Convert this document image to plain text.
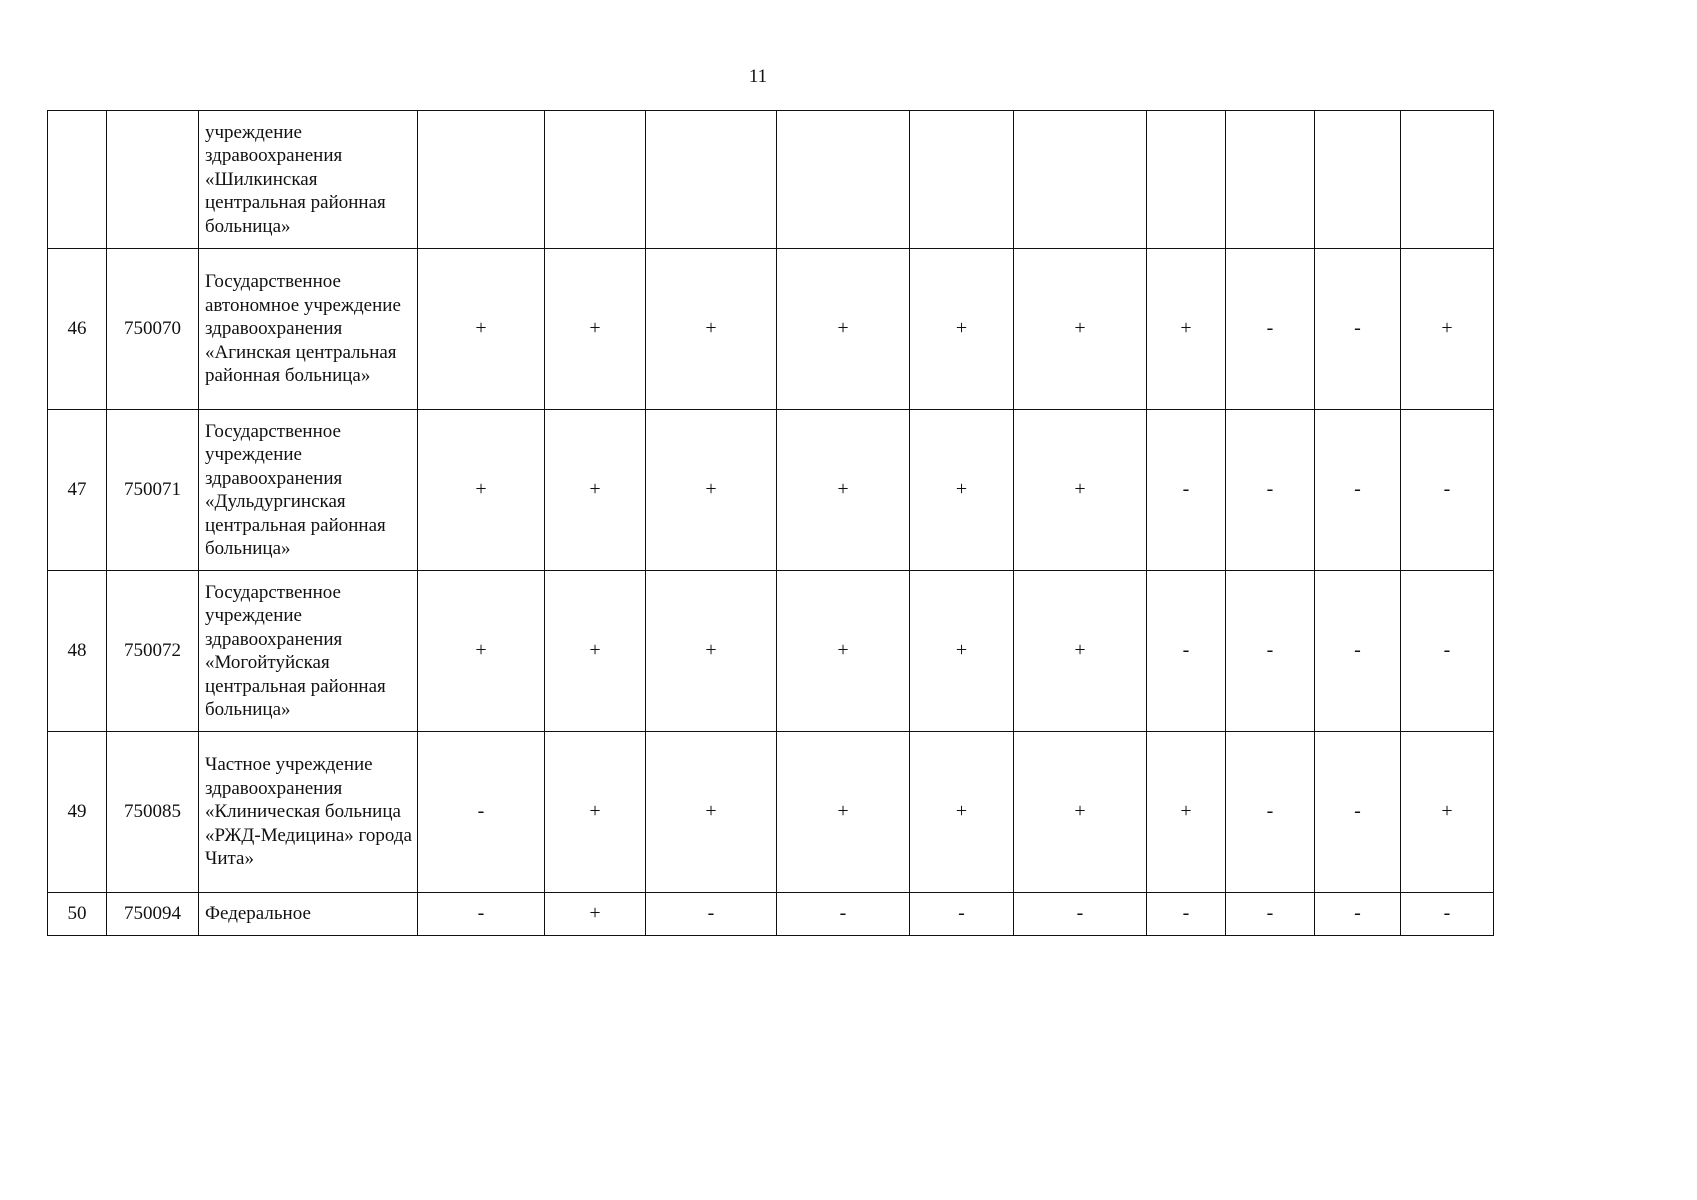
11
		учреждение здравоохранения «Шилкинская центральная районная больница»										
46	750070	Государственное автономное учреждение здравоохранения «Агинская центральная районная больница»	+	+	+	+	+	+	+	-	-	+
47	750071	Государственное учреждение здравоохранения «Дульдургинская центральная районная больница»	+	+	+	+	+	+	-	-	-	-
48	750072	Государственное учреждение здравоохранения «Могойтуйская центральная районная больница»	+	+	+	+	+	+	-	-	-	-
49	750085	Частное учреждение здравоохранения «Клиническая больница «РЖД-Медицина» города Чита»	-	+	+	+	+	+	+	-	-	+
50	750094	Федеральное	-	+	-	-	-	-	-	-	-	-
